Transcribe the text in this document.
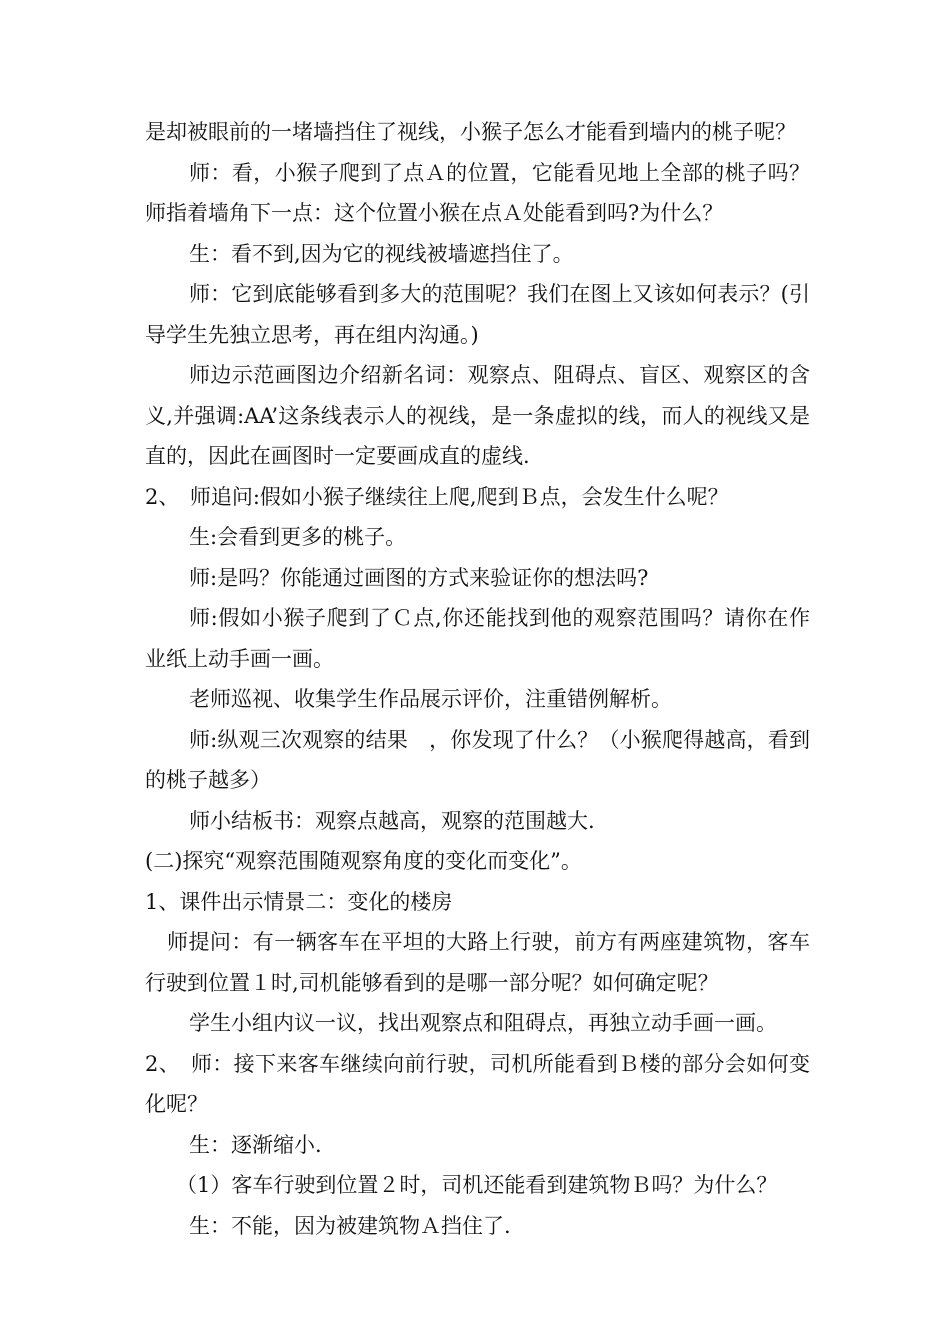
是却被眼前的一堵墙挡住了视线，小猴子怎么才能看到墙内的桃子呢？

师：看，小猴子爬到了点Ａ的位置，它能看见地上全部的桃子吗？　师指着墙角下一点：这个位置小猴在点Ａ处能看到吗?为什么？

生：看不到,因为它的视线被墙遮挡住了。

师：它到底能够看到多大的范围呢？我们在图上又该如何表示？(引导学生先独立思考，再在组内沟通。)

师边示范画图边介绍新名词：观察点、阻碍点、盲区、观察区的含义,并强调:AA’这条线表示人的视线，是一条虚拟的线，而人的视线又是直的，因此在画图时一定要画成直的虚线.

2、　师追问:假如小猴子继续往上爬,爬到Ｂ点，会发生什么呢？

生:会看到更多的桃子。

师:是吗？你能通过画图的方式来验证你的想法吗?

师:假如小猴子爬到了Ｃ点,你还能找到他的观察范围吗？请你在作业纸上动手画一画。

老师巡视、收集学生作品展示评价，注重错例解析。

师:纵观三次观察的结果　，你发现了什么？（小猴爬得越高，看到的桃子越多）

师小结板书：观察点越高，观察的范围越大.

(二)探究“观察范围随观察角度的变化而变化”。

1、课件出示情景二：变化的楼房

师提问：有一辆客车在平坦的大路上行驶，前方有两座建筑物，客车行驶到位置１时,司机能够看到的是哪一部分呢？如何确定呢？

学生小组内议一议，找出观察点和阻碍点，再独立动手画一画。

2、　师：接下来客车继续向前行驶，司机所能看到Ｂ楼的部分会如何变化呢？

生：逐渐缩小.

（1）客车行驶到位置２时，司机还能看到建筑物Ｂ吗？为什么？

生：不能，因为被建筑物Ａ挡住了.
